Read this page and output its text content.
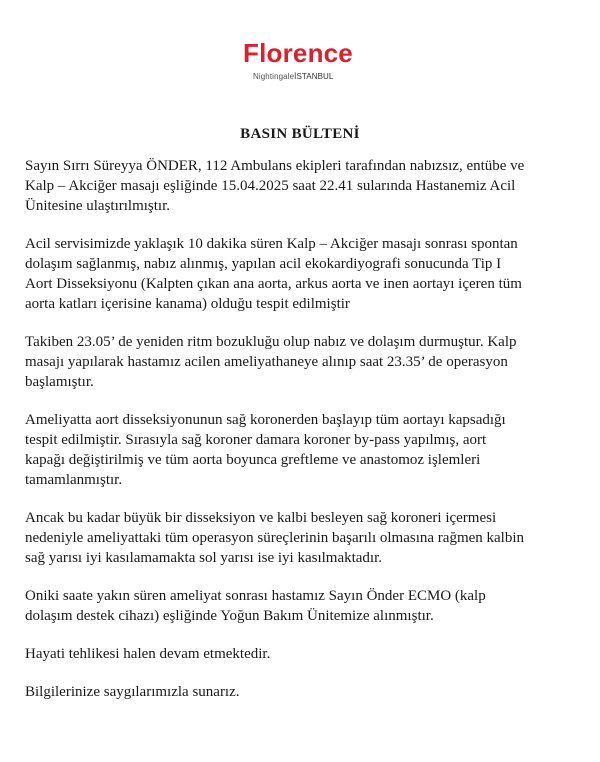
Florence
NightingaleİSTANBUL
BASIN BÜLTENİ
Sayın Sırrı Süreyya ÖNDER, 112 Ambulans ekipleri tarafından nabızsız, entübe ve
Kalp – Akciğer masajı eşliğinde 15.04.2025 saat 22.41 sularında Hastanemiz Acil
Ünitesine ulaştırılmıştır.
Acil servisimizde yaklaşık 10 dakika süren Kalp – Akciğer masajı sonrası spontan
dolaşım sağlanmış, nabız alınmış, yapılan acil ekokardiyografi sonucunda Tip I
Aort Disseksiyonu (Kalpten çıkan ana aorta, arkus aorta ve inen aortayı içeren tüm
aorta katları içerisine kanama) olduğu tespit edilmiştir
Takiben 23.05’ de yeniden ritm bozukluğu olup nabız ve dolaşım durmuştur. Kalp
masajı yapılarak hastamız acilen ameliyathaneye alınıp saat 23.35’ de operasyon
başlamıştır.
Ameliyatta aort disseksiyonunun sağ koronerden başlayıp tüm aortayı kapsadığı
tespit edilmiştir. Sırasıyla sağ koroner damara koroner by-pass yapılmış, aort
kapağı değiştirilmiş ve tüm aorta boyunca greftleme ve anastomoz işlemleri
tamamlanmıştır.
Ancak bu kadar büyük bir disseksiyon ve kalbi besleyen sağ koroneri içermesi
nedeniyle ameliyattaki tüm operasyon süreçlerinin başarılı olmasına rağmen kalbin
sağ yarısı iyi kasılamamakta sol yarısı ise iyi kasılmaktadır.
Oniki saate yakın süren ameliyat sonrası hastamız Sayın Önder ECMO (kalp
dolaşım destek cihazı) eşliğinde Yoğun Bakım Ünitemize alınmıştır.
Hayati tehlikesi halen devam etmektedir.
Bilgilerinize saygılarımızla sunarız.
